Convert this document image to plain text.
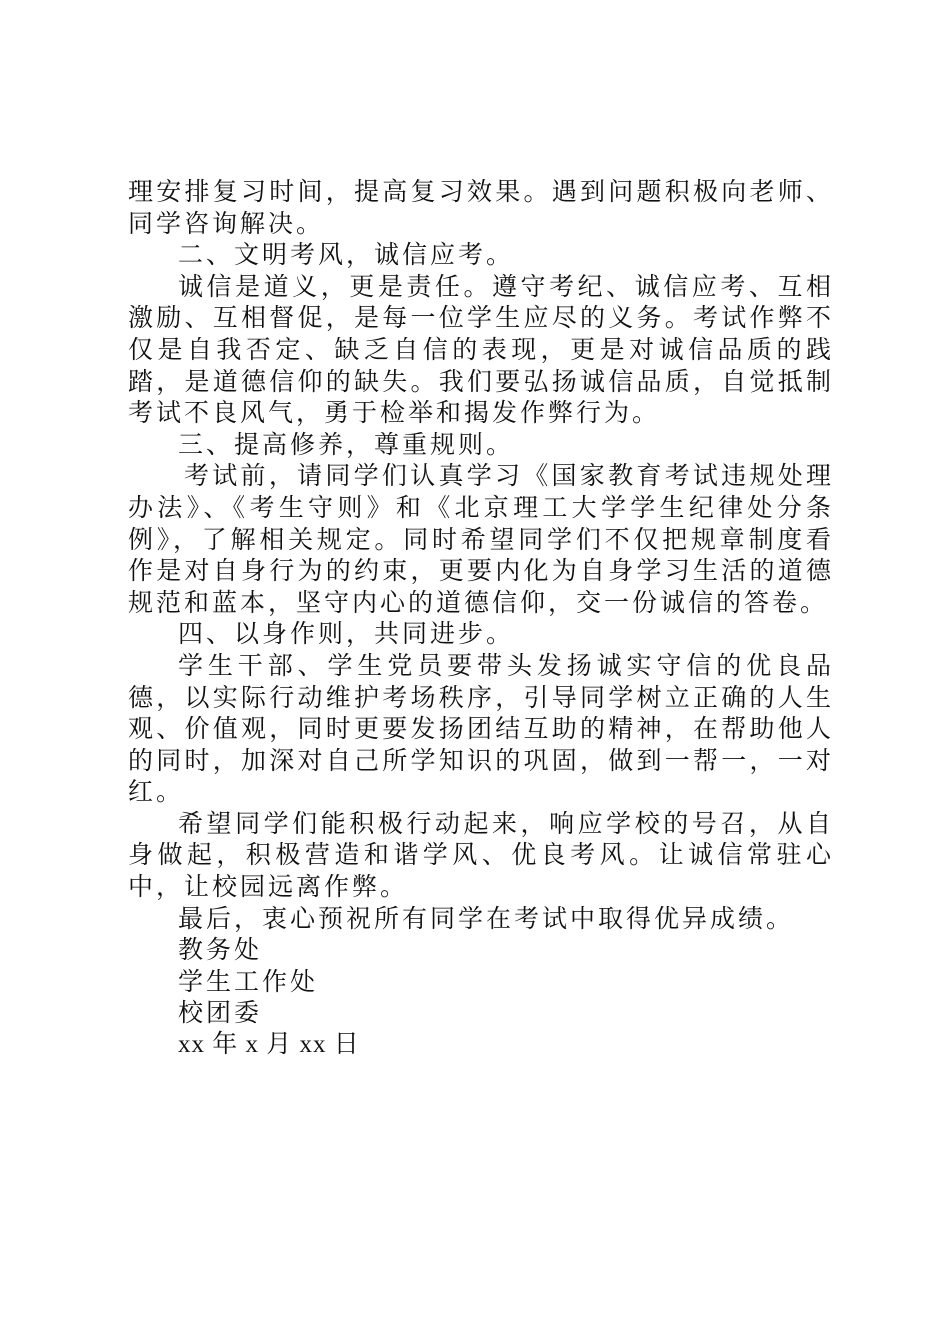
理安排复习时间，提高复习效果。遇到问题积极向老师、同学咨询解决。

二、文明考风，诚信应考。

诚信是道义，更是责任。遵守考纪、诚信应考、互相激励、互相督促，是每一位学生应尽的义务。考试作弊不仅是自我否定、缺乏自信的表现，更是对诚信品质的践踏，是道德信仰的缺失。我们要弘扬诚信品质，自觉抵制考试不良风气，勇于检举和揭发作弊行为。

三、提高修养，尊重规则。

考试前，请同学们认真学习《国家教育考试违规处理办法》、《考生守则》和《北京理工大学学生纪律处分条例》，了解相关规定。同时希望同学们不仅把规章制度看作是对自身行为的约束，更要内化为自身学习生活的道德规范和蓝本，坚守内心的道德信仰，交一份诚信的答卷。

四、以身作则，共同进步。

学生干部、学生党员要带头发扬诚实守信的优良品德，以实际行动维护考场秩序，引导同学树立正确的人生观、价值观，同时更要发扬团结互助的精神，在帮助他人的同时，加深对自己所学知识的巩固，做到一帮一，一对红。

希望同学们能积极行动起来，响应学校的号召，从自身做起，积极营造和谐学风、优良考风。让诚信常驻心中，让校园远离作弊。

最后，衷心预祝所有同学在考试中取得优异成绩。

教务处

学生工作处

校团委

xx 年 x 月 xx 日
